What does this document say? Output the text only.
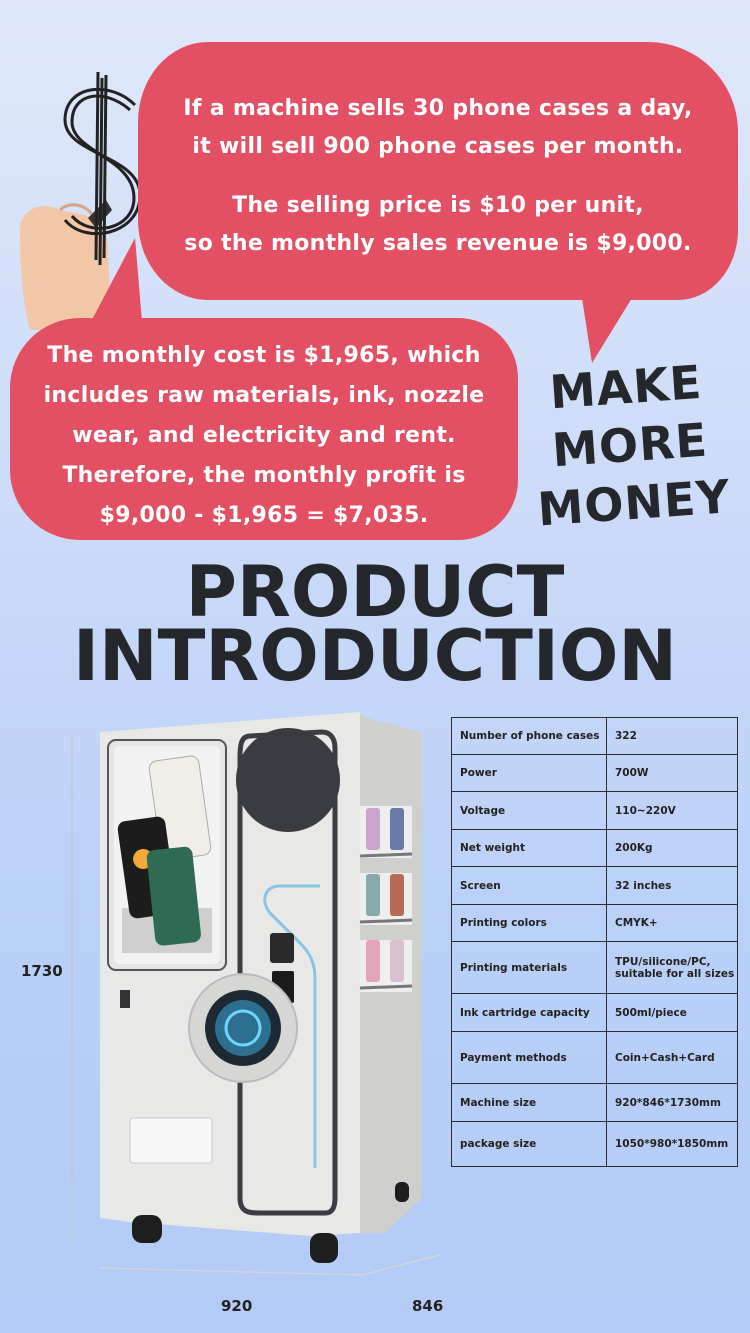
If a machine sells 30 phone cases a day,
it will sell 900 phone cases per month.
The selling price is $10 per unit,
so the monthly sales revenue is $9,000.
The monthly cost is $1,965, which
includes raw materials, ink, nozzle
wear, and electricity and rent.
Therefore, the monthly profit is
$9,000 - $1,965 = $7,035.
MAKE
MORE
MONEY
PRODUCT
INTRODUCTION
1730
920	846
Number of phone cases	322
Power	700W
Voltage	110~220V
Net weight	200Kg
Screen	32 inches
Printing colors	CMYK+
Printing materials	TPU/silicone/PC, suitable for all sizes
Ink cartridge capacity	500ml/piece
Payment methods	Coin+Cash+Card
Machine size	920*846*1730mm
package size	1050*980*1850mm
